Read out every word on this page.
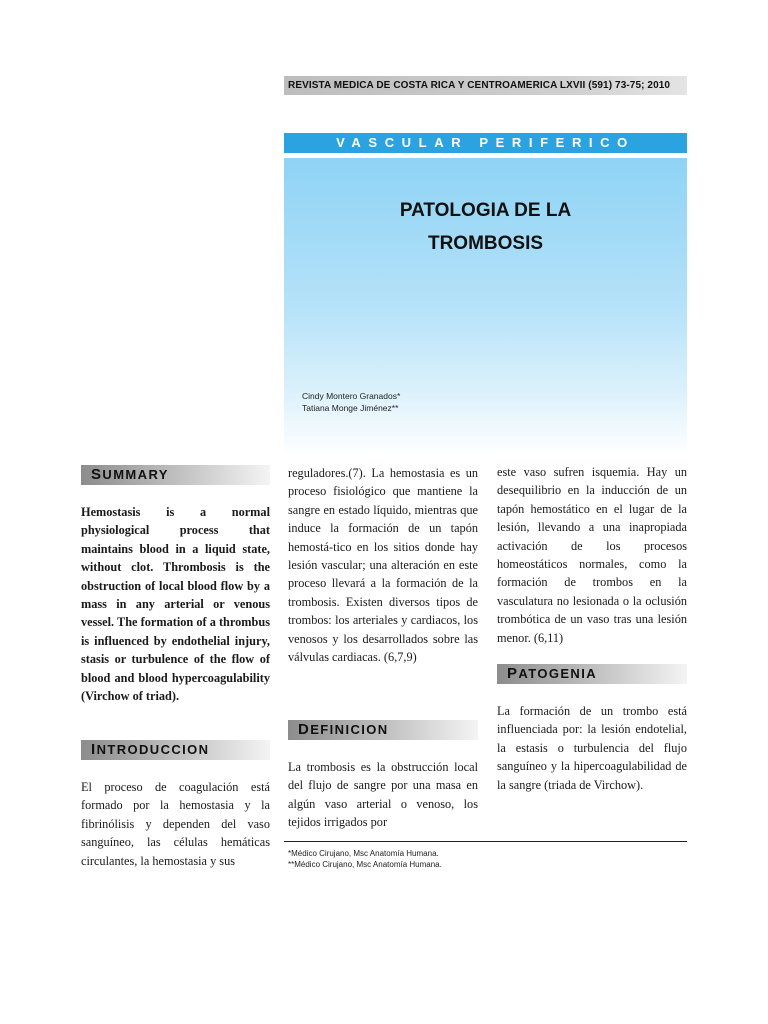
REVISTA MEDICA DE COSTA RICA Y CENTROAMERICA LXVII (591) 73-75; 2010
VASCULAR PERIFERICO
PATOLOGIA DE LA
TROMBOSIS
Cindy Montero Granados*
Tatiana Monge Jiménez**
SUMMARY
Hemostasis is a normal physiological process that maintains blood in a liquid state, without clot. Thrombosis is the obstruction of local blood flow by a mass in any arterial or venous vessel. The formation of a thrombus is influenced by endothelial injury, stasis or turbulence of the flow of blood and blood hypercoagulability (Virchow of triad).
INTRODUCCION
El proceso de coagulación está formado por la hemostasia y la fibrinólisis y dependen del vaso sanguíneo, las células hemáticas circulantes, la hemostasia y sus
reguladores.(7). La hemostasia es un proceso fisiológico que mantiene la sangre en estado líquido, mientras que induce la formación de un tapón hemostá-tico en los sitios donde hay lesión vascular; una alteración en este proceso llevará a la formación de la trombosis. Existen diversos tipos de trombos: los arteriales y cardiacos, los venosos y los desarrollados sobre las válvulas cardiacas. (6,7,9)
DEFINICION
La trombosis es la obstrucción local del flujo de sangre por una masa en algún vaso arterial o venoso, los tejidos irrigados por
este vaso sufren isquemia. Hay un desequilibrio en la inducción de un tapón hemostático en el lugar de la lesión, llevando a una inapropiada activación de los procesos homeostáticos normales, como la formación de trombos en la vasculatura no lesionada o la oclusión trombótica de un vaso tras una lesión menor. (6,11)
PATOGENIA
La formación de un trombo está influenciada por: la lesión endotelial, la estasis o turbulencia del flujo sanguíneo y la hipercoagulabilidad de la sangre (triada de Virchow).
*Médico Cirujano, Msc Anatomía Humana.
**Médico Cirujano, Msc Anatomía Humana.
